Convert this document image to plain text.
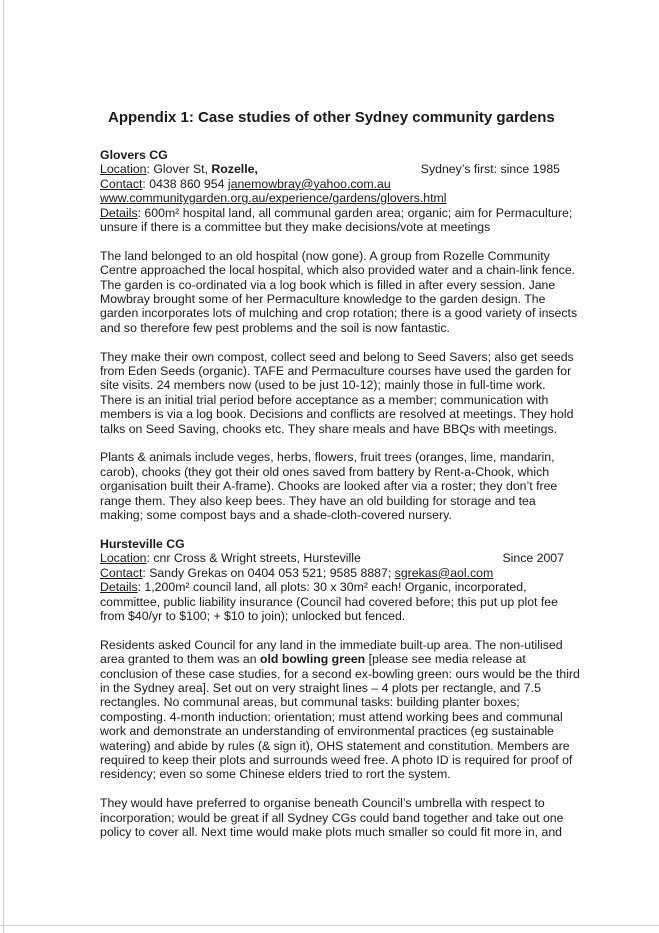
Appendix 1: Case studies of other Sydney community gardens

Glovers CG

Location: Glover St, Rozelle,	Sydney’s first: since 1985
Contact: 0438 860 954 janemowbray@yahoo.com.au
www.communitygarden.org.au/experience/gardens/glovers.html
Details: 600m² hospital land, all communal garden area; organic; aim for Permaculture;
unsure if there is a committee but they make decisions/vote at meetings

The land belonged to an old hospital (now gone). A group from Rozelle Community
Centre approached the local hospital, which also provided water and a chain-link fence.
The garden is co-ordinated via a log book which is filled in after every session. Jane
Mowbray brought some of her Permaculture knowledge to the garden design. The
garden incorporates lots of mulching and crop rotation; there is a good variety of insects
and so therefore few pest problems and the soil is now fantastic.

They make their own compost, collect seed and belong to Seed Savers; also get seeds
from Eden Seeds (organic). TAFE and Permaculture courses have used the garden for
site visits. 24 members now (used to be just 10-12); mainly those in full-time work.
There is an initial trial period before acceptance as a member; communication with
members is via a log book. Decisions and conflicts are resolved at meetings. They hold
talks on Seed Saving, chooks etc. They share meals and have BBQs with meetings.

Plants & animals include veges, herbs, flowers, fruit trees (oranges, lime, mandarin,
carob), chooks (they got their old ones saved from battery by Rent-a-Chook, which
organisation built their A-frame). Chooks are looked after via a roster; they don’t free
range them. They also keep bees. They have an old building for storage and tea
making; some compost bays and a shade-cloth-covered nursery.

Hursteville CG

Location: cnr Cross & Wright streets, Hursteville	Since 2007
Contact: Sandy Grekas on 0404 053 521; 9585 8887; sgrekas@aol.com
Details: 1,200m² council land, all plots: 30 x 30m² each! Organic, incorporated,
committee, public liability insurance (Council had covered before; this put up plot fee
from $40/yr to $100; + $10 to join); unlocked but fenced.

Residents asked Council for any land in the immediate built-up area. The non-utilised
area granted to them was an old bowling green [please see media release at
conclusion of these case studies, for a second ex-bowling green: ours would be the third
in the Sydney area]. Set out on very straight lines – 4 plots per rectangle, and 7.5
rectangles. No communal areas, but communal tasks: building planter boxes;
composting. 4-month induction: orientation; must attend working bees and communal
work and demonstrate an understanding of environmental practices (eg sustainable
watering) and abide by rules (& sign it), OHS statement and constitution. Members are
required to keep their plots and surrounds weed free. A photo ID is required for proof of
residency; even so some Chinese elders tried to rort the system.

They would have preferred to organise beneath Council’s umbrella with respect to
incorporation; would be great if all Sydney CGs could band together and take out one
policy to cover all. Next time would make plots much smaller so could fit more in, and
